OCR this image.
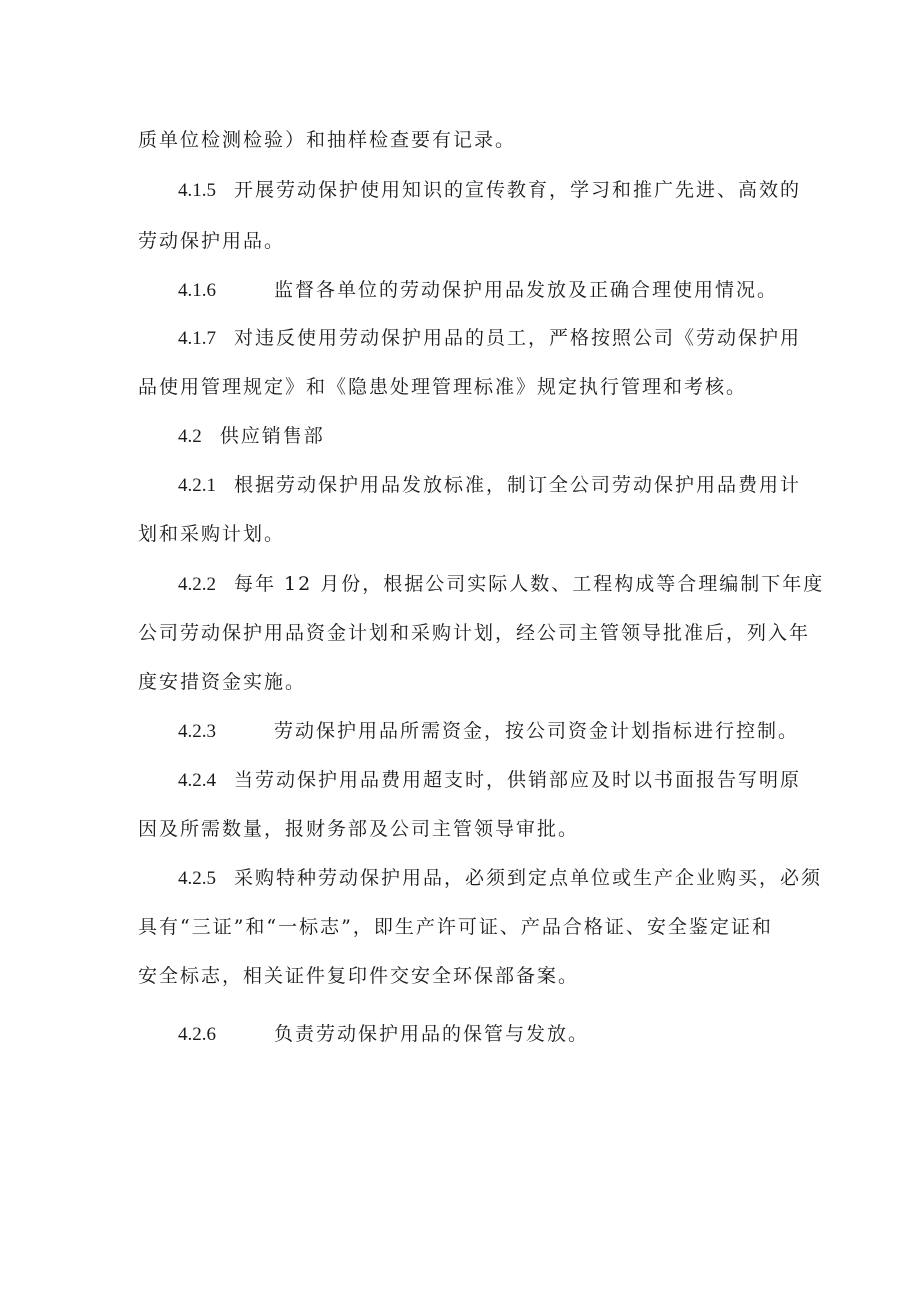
质单位检测检验）和抽样检查要有记录。
4.1.5 开展劳动保护使用知识的宣传教育，学习和推广先进、高效的
劳动保护用品。
4.1.6	监督各单位的劳动保护用品发放及正确合理使用情况。
4.1.7 对违反使用劳动保护用品的员工，严格按照公司《劳动保护用
品使用管理规定》和《隐患处理管理标准》规定执行管理和考核。
4.2 供应销售部
4.2.1 根据劳动保护用品发放标准，制订全公司劳动保护用品费用计
划和采购计划。
4.2.2 每年 12 月份，根据公司实际人数、工程构成等合理编制下年度
公司劳动保护用品资金计划和采购计划，经公司主管领导批准后，列入年
度安措资金实施。
4.2.3	劳动保护用品所需资金，按公司资金计划指标进行控制。
4.2.4 当劳动保护用品费用超支时，供销部应及时以书面报告写明原
因及所需数量，报财务部及公司主管领导审批。
4.2.5 采购特种劳动保护用品，必须到定点单位或生产企业购买，必须
具有“三证”和“一标志”，即生产许可证、产品合格证、安全鉴定证和
安全标志，相关证件复印件交安全环保部备案。
4.2.6	负责劳动保护用品的保管与发放。
